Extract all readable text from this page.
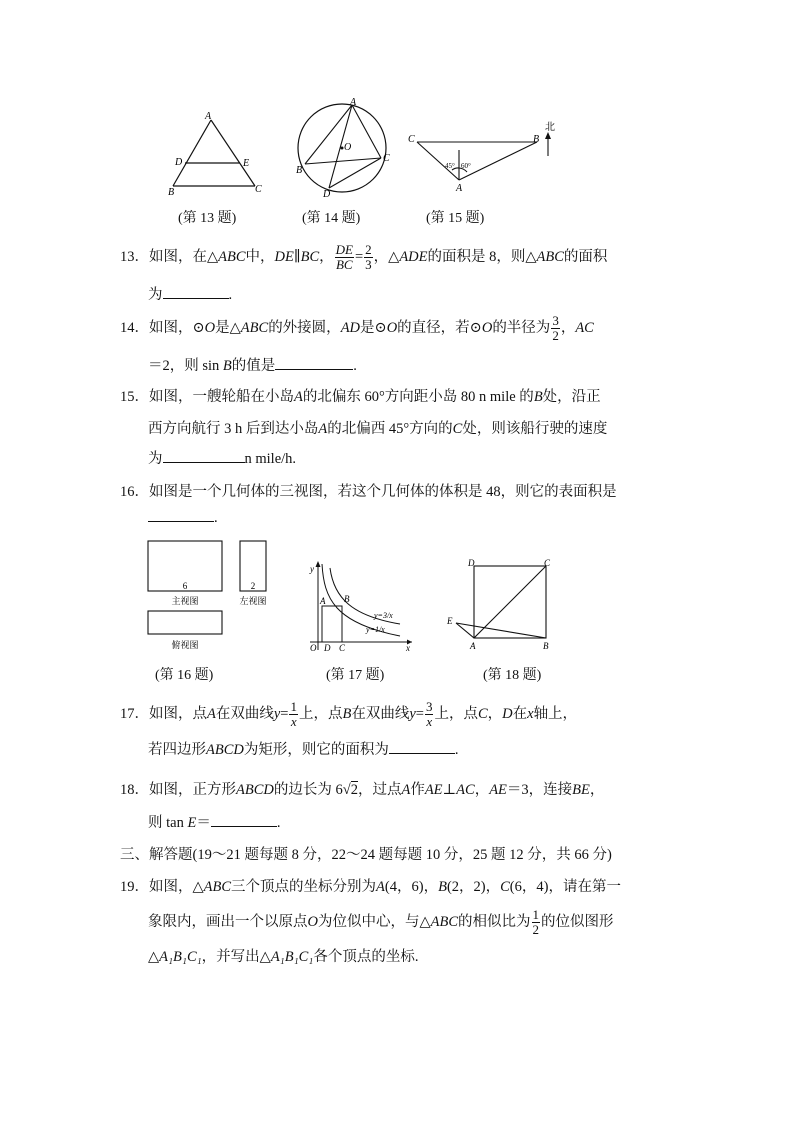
A
D	E
B	C
(第 13 题)
A
O
B
C
D
(第 14 题)
C	B
北
45° 60°
A
(第 15 题)
13．如图，在△ABC中，DE∥BC， $\frac{DE}{BC} = \frac{2}{3}$ ，△ADE的面积是 8，则△ABC的面积
为	.
14．如图，⊙O是△ABC的外接圆，AD是⊙O的直径，若⊙O的半径为 $\frac{3}{2}$ ，AC
＝2，则 sin B的值是	.
15．如图，一艘轮船在小岛A的北偏东 60°方向距小岛 80 n mile 的B处，沿正
西方向航行 3 h 后到达小岛A的北偏西 45°方向的C处，则该船行驶的速度
为	n mile/h.
16．如图是一个几何体的三视图，若这个几何体的体积是 48，则它的表面积是
.
6
主视图
2
左视图
俯视图
(第 16 题)
y
A B
O D C	x
y=3/x
y=1/x
(第 17 题)
D	C
E
A	B
(第 18 题)
17．如图，点A在双曲线$y= \frac{1}{x}$ 上，点B在双曲线$y= \frac{3}{x}$ 上，点C，D在x轴上，
若四边形ABCD为矩形，则它的面积为	.
18．如图，正方形ABCD的边长为 6√2，过点A作AE⊥AC，AE＝3，连接BE，
则 tan E＝	.
三、解答题(19～21 题每题 8 分，22～24 题每题 10 分，25 题 12 分，共 66 分)
19．如图，△ABC三个顶点的坐标分别为A(4，6)，B(2，2)，C(6，4)，请在第一
象限内，画出一个以原点O为位似中心，与△ABC的相似比为 $\frac{1}{2}$ 的位似图形
△A₁B₁C₁，并写出△A₁B₁C₁各个顶点的坐标.
